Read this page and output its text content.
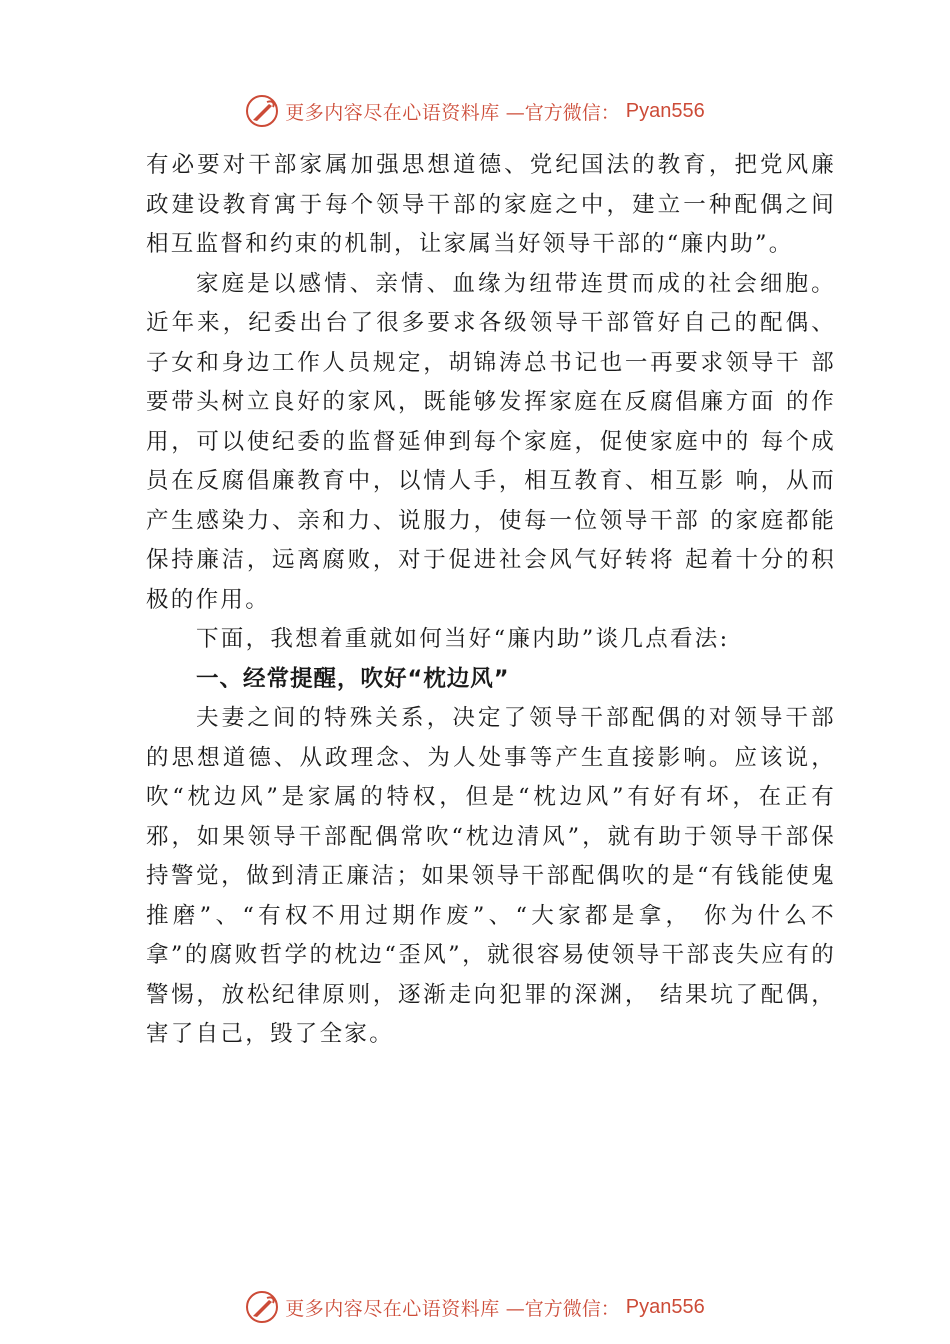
更多内容尽在心语资料库 —官方微信： Pyan556

有必要对干部家属加强思想道德、党纪国法的教育，把党风廉政建设教育寓于每个领导干部的家庭之中，建立一种配偶之间相互监督和约束的机制，让家属当好领导干部的“廉内助”。

家庭是以感情、亲情、血缘为纽带连贯而成的社会细胞。近年来，纪委出台了很多要求各级领导干部管好自己的配偶、子女和身边工作人员规定，胡锦涛总书记也一再要求领导干 部要带头树立良好的家风，既能够发挥家庭在反腐倡廉方面 的作用，可以使纪委的监督延伸到每个家庭，促使家庭中的 每个成员在反腐倡廉教育中，以情人手，相互教育、相互影 响，从而产生感染力、亲和力、说服力，使每一位领导干部 的家庭都能保持廉洁，远离腐败，对于促进社会风气好转将 起着十分的积极的作用。

下面，我想着重就如何当好“廉内助”谈几点看法:

一、经常提醒，吹好“枕边风”

夫妻之间的特殊关系，决定了领导干部配偶的对领导干部的思想道德、从政理念、为人处事等产生直接影响。应该说，吹“枕边风”是家属的特权，但是“枕边风”有好有坏，在正有邪，如果领导干部配偶常吹“枕边清风”，就有助于领导干部保持警觉，做到清正廉洁；如果领导干部配偶吹的是“有钱能使鬼推磨”、“有权不用过期作废”、“大家都是拿， 你为什么不拿”的腐败哲学的枕边“歪风”，就很容易使领导干部丧失应有的警惕，放松纪律原则，逐渐走向犯罪的深渊， 结果坑了配偶，害了自己，毁了全家。

更多内容尽在心语资料库 —官方微信： Pyan556
